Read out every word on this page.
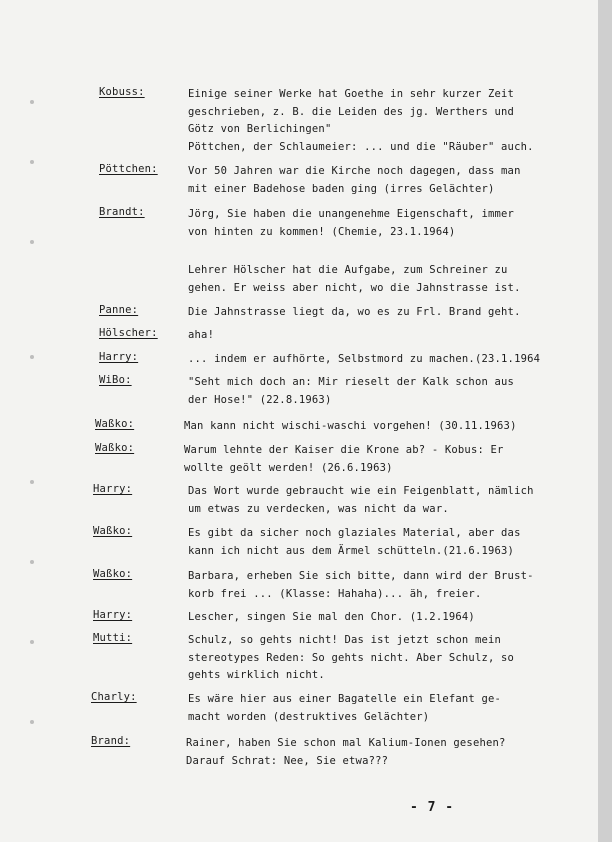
Kobuss:	Einige seiner Werke hat Goethe in sehr kurzer Zeit
geschrieben, z. B. die Leiden des jg. Werthers und
Götz von Berlichingen"
Pöttchen, der Schlaumeier: ... und die "Räuber" auch.
Pöttchen:	Vor 50 Jahren war die Kirche noch dagegen, dass man
mit einer Badehose baden ging (irres Gelächter)
Brandt:	Jörg, Sie haben die unangenehme Eigenschaft, immer
von hinten zu kommen! (Chemie, 23.1.1964)
Lehrer Hölscher hat die Aufgabe, zum Schreiner zu
gehen. Er weiss aber nicht, wo die Jahnstrasse ist.
Panne:	Die Jahnstrasse liegt da, wo es zu Frl. Brand geht.
Hölscher:	aha!
Harry:	... indem er aufhörte, Selbstmord zu machen.(23.1.1964
WiBo:	"Seht mich doch an: Mir rieselt der Kalk schon aus
der Hose!" (22.8.1963)
Waßko:	Man kann nicht wischi-waschi vorgehen! (30.11.1963)
Waßko:	Warum lehnte der Kaiser die Krone ab? - Kobus: Er
wollte geölt werden! (26.6.1963)
Harry:	Das Wort wurde gebraucht wie ein Feigenblatt, nämlich
um etwas zu verdecken, was nicht da war.
Waßko:	Es gibt da sicher noch glaziales Material, aber das
kann ich nicht aus dem Ärmel schütteln.(21.6.1963)
Waßko:	Barbara, erheben Sie sich bitte, dann wird der Brust-
korb frei ... (Klasse: Hahaha)... äh, freier.
Harry:	Lescher, singen Sie mal den Chor. (1.2.1964)
Mutti:	Schulz, so gehts nicht! Das ist jetzt schon mein
stereotypes Reden: So gehts nicht. Aber Schulz, so
gehts wirklich nicht.
Charly:	Es wäre hier aus einer Bagatelle ein Elefant ge-
macht worden (destruktives Gelächter)
Brand:	Rainer, haben Sie schon mal Kalium-Ionen gesehen?
Darauf Schrat: Nee, Sie etwa???
- 7 -
